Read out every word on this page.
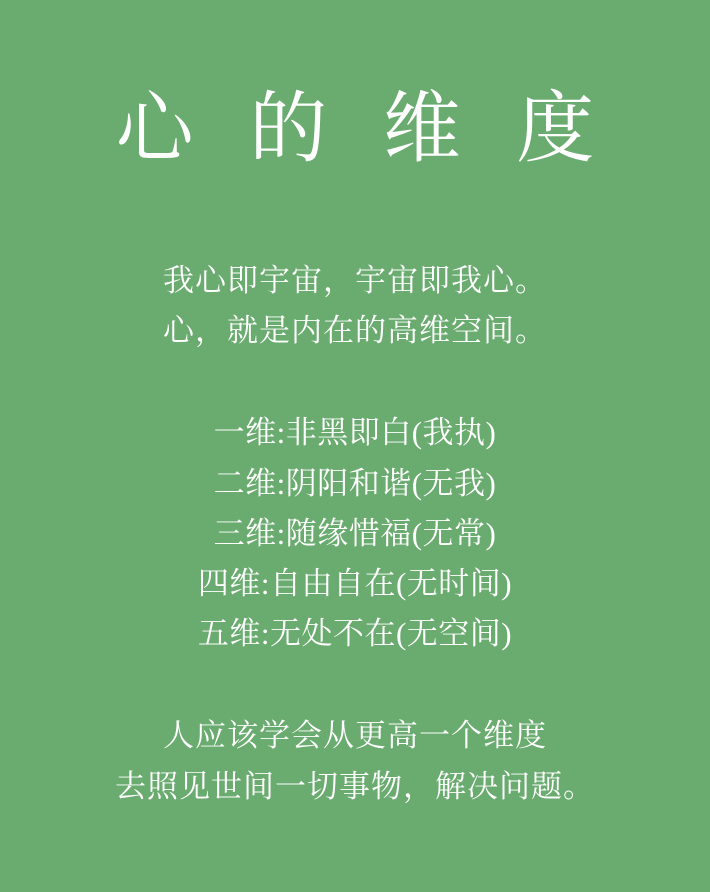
心 的 维 度
我心即宇宙，宇宙即我心。
心，就是内在的高维空间。
一维:非黑即白(我执)
二维:阴阳和谐(无我)
三维:随缘惜福(无常)
四维:自由自在(无时间)
五维:无处不在(无空间)
人应该学会从更高一个维度
去照见世间一切事物，解决问题。
